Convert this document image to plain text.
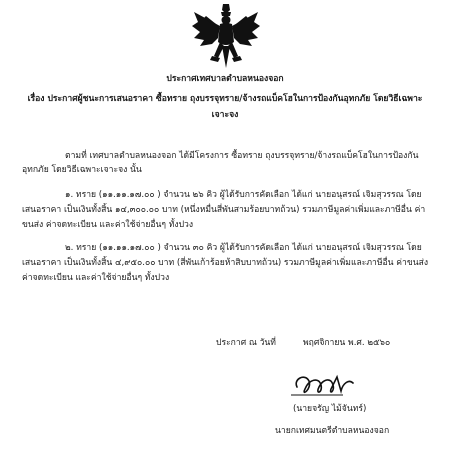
ประกาศเทศบาลตำบลหนองจอก
เรื่อง ประกาศผู้ชนะการเสนอราคา ซื้อทราย ถุงบรรจุทราย/จ้างรถแบ็คโฮในการป้องกันอุทกภัย โดยวิธีเฉพาะ
เจาะจง
ตามที่ เทศบาลตำบลหนองจอก ได้มีโครงการ ซื้อทราย ถุงบรรจุทราย/จ้างรถแบ็คโฮในการป้องกัน
อุทกภัย โดยวิธีเฉพาะเจาะจง นั้น
๑. ทราย (๑๑.๑๑.๑๗.๐๐ ) จำนวน ๒๖ คิว ผู้ได้รับการคัดเลือก ได้แก่ นายอนุสรณ์ เจิมสุวรรณ โดย
เสนอราคา เป็นเงินทั้งสิ้น ๑๔,๓๐๐.๐๐ บาท (หนึ่งหมื่นสี่พันสามร้อยบาทถ้วน) รวมภาษีมูลค่าเพิ่มและภาษีอื่น ค่า
ขนส่ง ค่าจดทะเบียน และค่าใช้จ่ายอื่นๆ ทั้งปวง
๒. ทราย (๑๑.๑๑.๑๗.๐๐ ) จำนวน ๓๐ คิว ผู้ได้รับการคัดเลือก ได้แก่ นายอนุสรณ์ เจิมสุวรรณ โดย
เสนอราคา เป็นเงินทั้งสิ้น ๔,๙๕๐.๐๐ บาท (สี่พันเก้าร้อยห้าสิบบาทถ้วน) รวมภาษีมูลค่าเพิ่มและภาษีอื่น ค่าขนส่ง
ค่าจดทะเบียน และค่าใช้จ่ายอื่นๆ ทั้งปวง
ประกาศ ณ วันที่	พฤศจิกายน พ.ศ. ๒๕๖๐
(นายจรัญ ไม้จันทร์)
นายกเทศมนตรีตำบลหนองจอก
